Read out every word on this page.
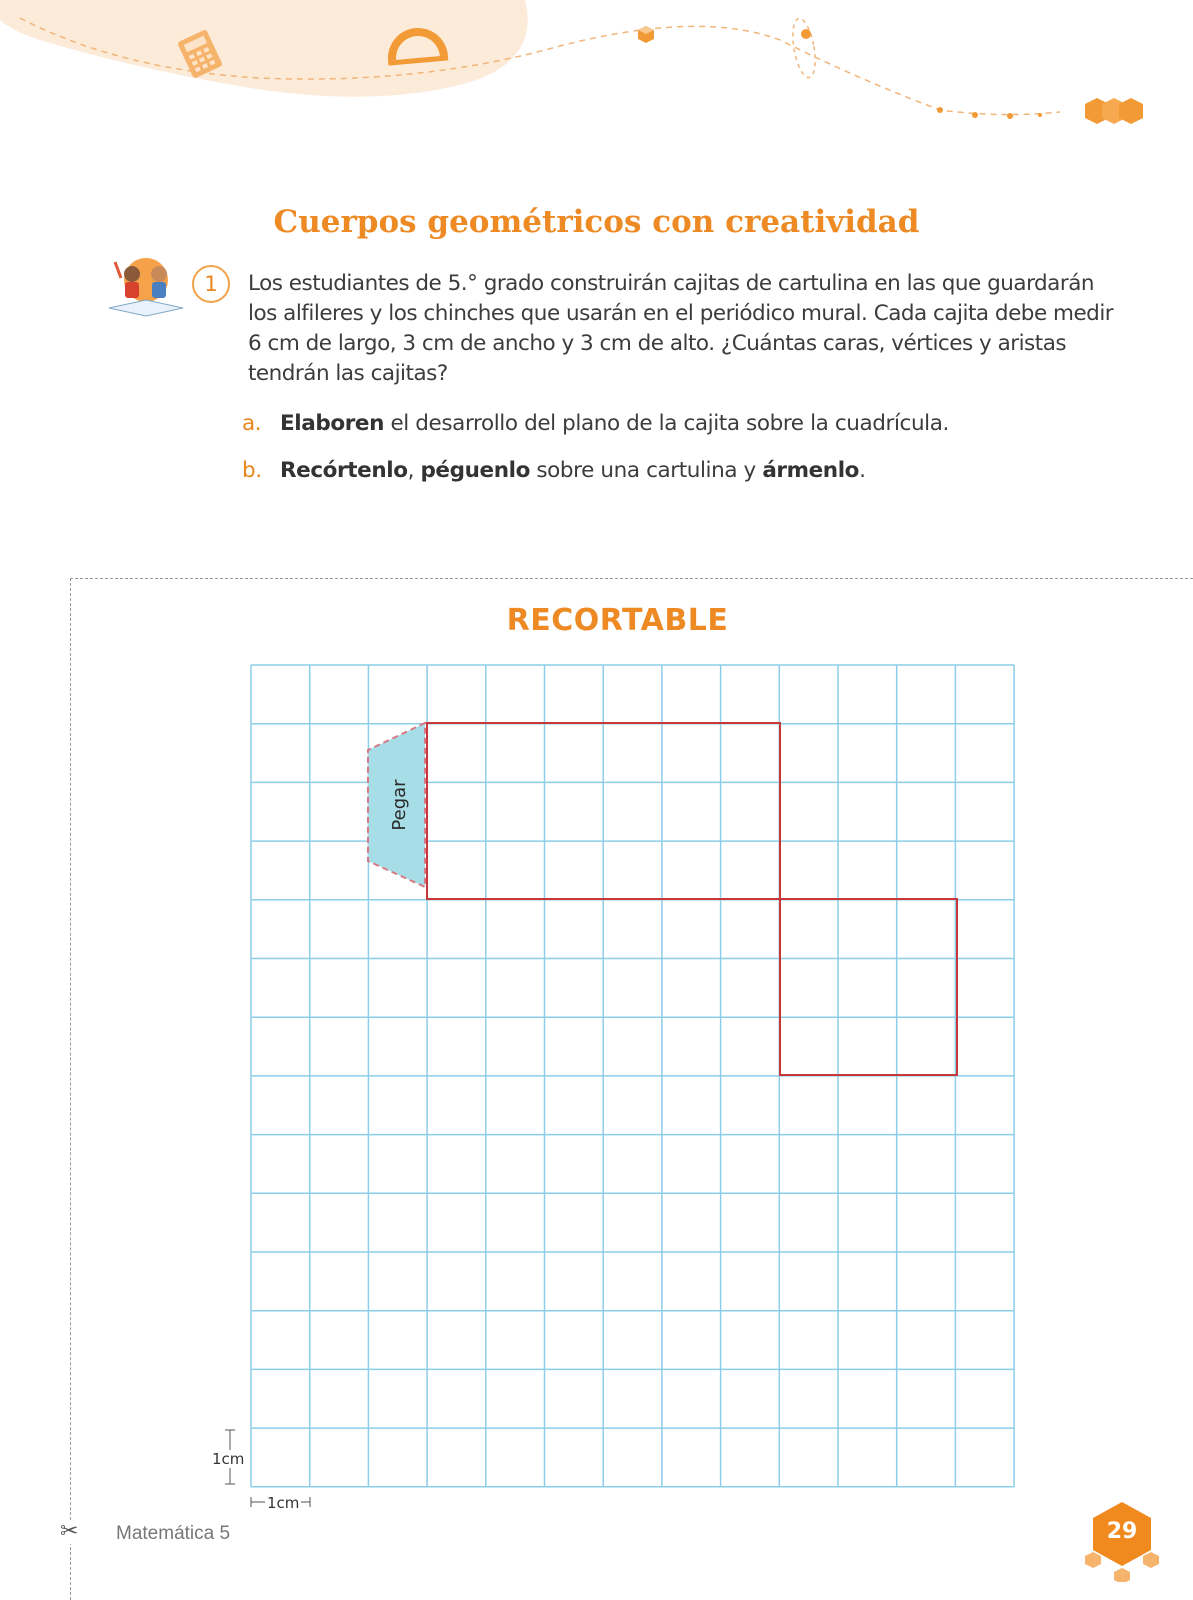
Cuerpos geométricos con creatividad
1	Los estudiantes de 5.° grado construirán cajitas de cartulina en las que guardarán los alfileres y los chinches que usarán en el periódico mural. Cada cajita debe medir 6 cm de largo, 3 cm de ancho y 3 cm de alto. ¿Cuántas caras, vértices y aristas tendrán las cajitas?

a. Elaboren el desarrollo del plano de la cajita sobre la cuadrícula.
b. Recórtenlo, péguenlo sobre una cartulina y ármenlo.
RECORTABLE
Pegar
1cm
1cm
✂ Matemática 5	29
